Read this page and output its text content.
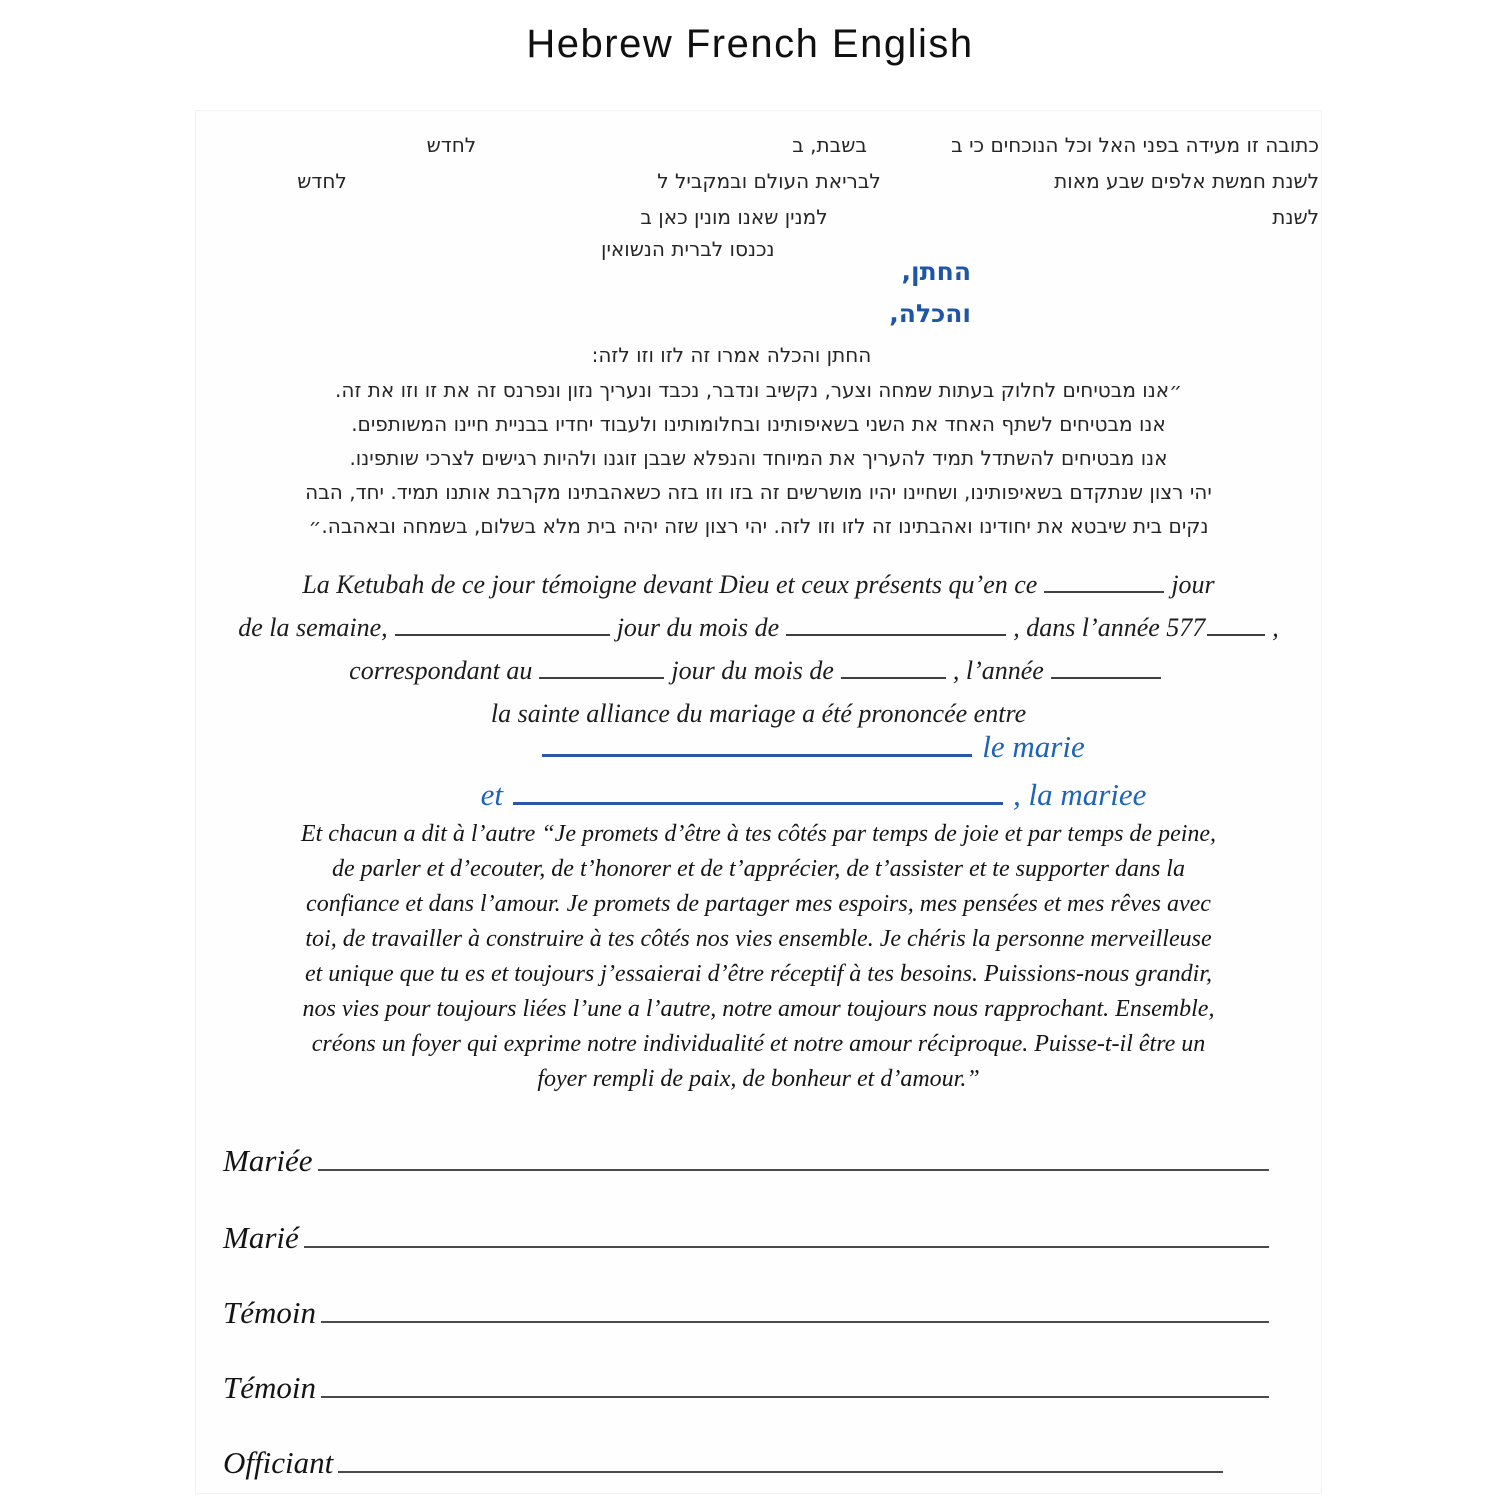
Hebrew French English
כתובה זו מעידה בפני האל וכל הנוכחים כי ב
בשבת, ב
לחדש
לשנת חמשת אלפים שבע מאות
לבריאת העולם ובמקביל ל
לחדש
לשנת
למנין שאנו מונין כאן ב
נכנסו לברית הנשואין
החתן,
והכלה,
החתן והכלה אמרו זה לזו וזו לזה:
״אנו מבטיחים לחלוק בעתות שמחה וצער, נקשיב ונדבר, נכבד ונעריך נזון ונפרנס זה את זו וזו את זה.
אנו מבטיחים לשתף האחד את השני בשאיפותינו ובחלומותינו ולעבוד יחדיו בבניית חיינו המשותפים.
אנו מבטיחים להשתדל תמיד להעריך את המיוחד והנפלא שבבן זוגנו ולהיות רגישים לצרכי שותפינו.
יהי רצון שנתקדם בשאיפותינו, ושחיינו יהיו מושרשים זה בזו וזו בזה כשאהבתינו מקרבת אותנו תמיד. יחד, הבה
נקים בית שיבטא את יחודינו ואהבתינו זה לזו וזו לזה. יהי רצון שזה יהיה בית מלא בשלום, בשמחה ובאהבה.״
La Ketubah de ce jour témoigne devant Dieu et ceux présents qu’en ce	jour
de la semaine,	jour du mois de	, dans l’année 577	,
correspondant au	jour du mois de	, l’année
la sainte alliance du mariage a été prononcée entre
le marie
et	, la mariee
Et chacun a dit à l’autre “Je promets d’être à tes côtés par temps de joie et par temps de peine,
de parler et d’ecouter, de t’honorer et de t’apprécier, de t’assister et te supporter dans la
confiance et dans l’amour. Je promets de partager mes espoirs, mes pensées et mes rêves avec
toi, de travailler à construire à tes côtés nos vies ensemble. Je chéris la personne merveilleuse
et unique que tu es et toujours j’essaierai d’être réceptif à tes besoins. Puissions-nous grandir,
nos vies pour toujours liées l’une a l’autre, notre amour toujours nous rapprochant. Ensemble,
créons un foyer qui exprime notre individualité et notre amour réciproque. Puisse-t-il être un
foyer rempli de paix, de bonheur et d’amour.”
Mariée
Marié
Témoin
Témoin
Officiant
